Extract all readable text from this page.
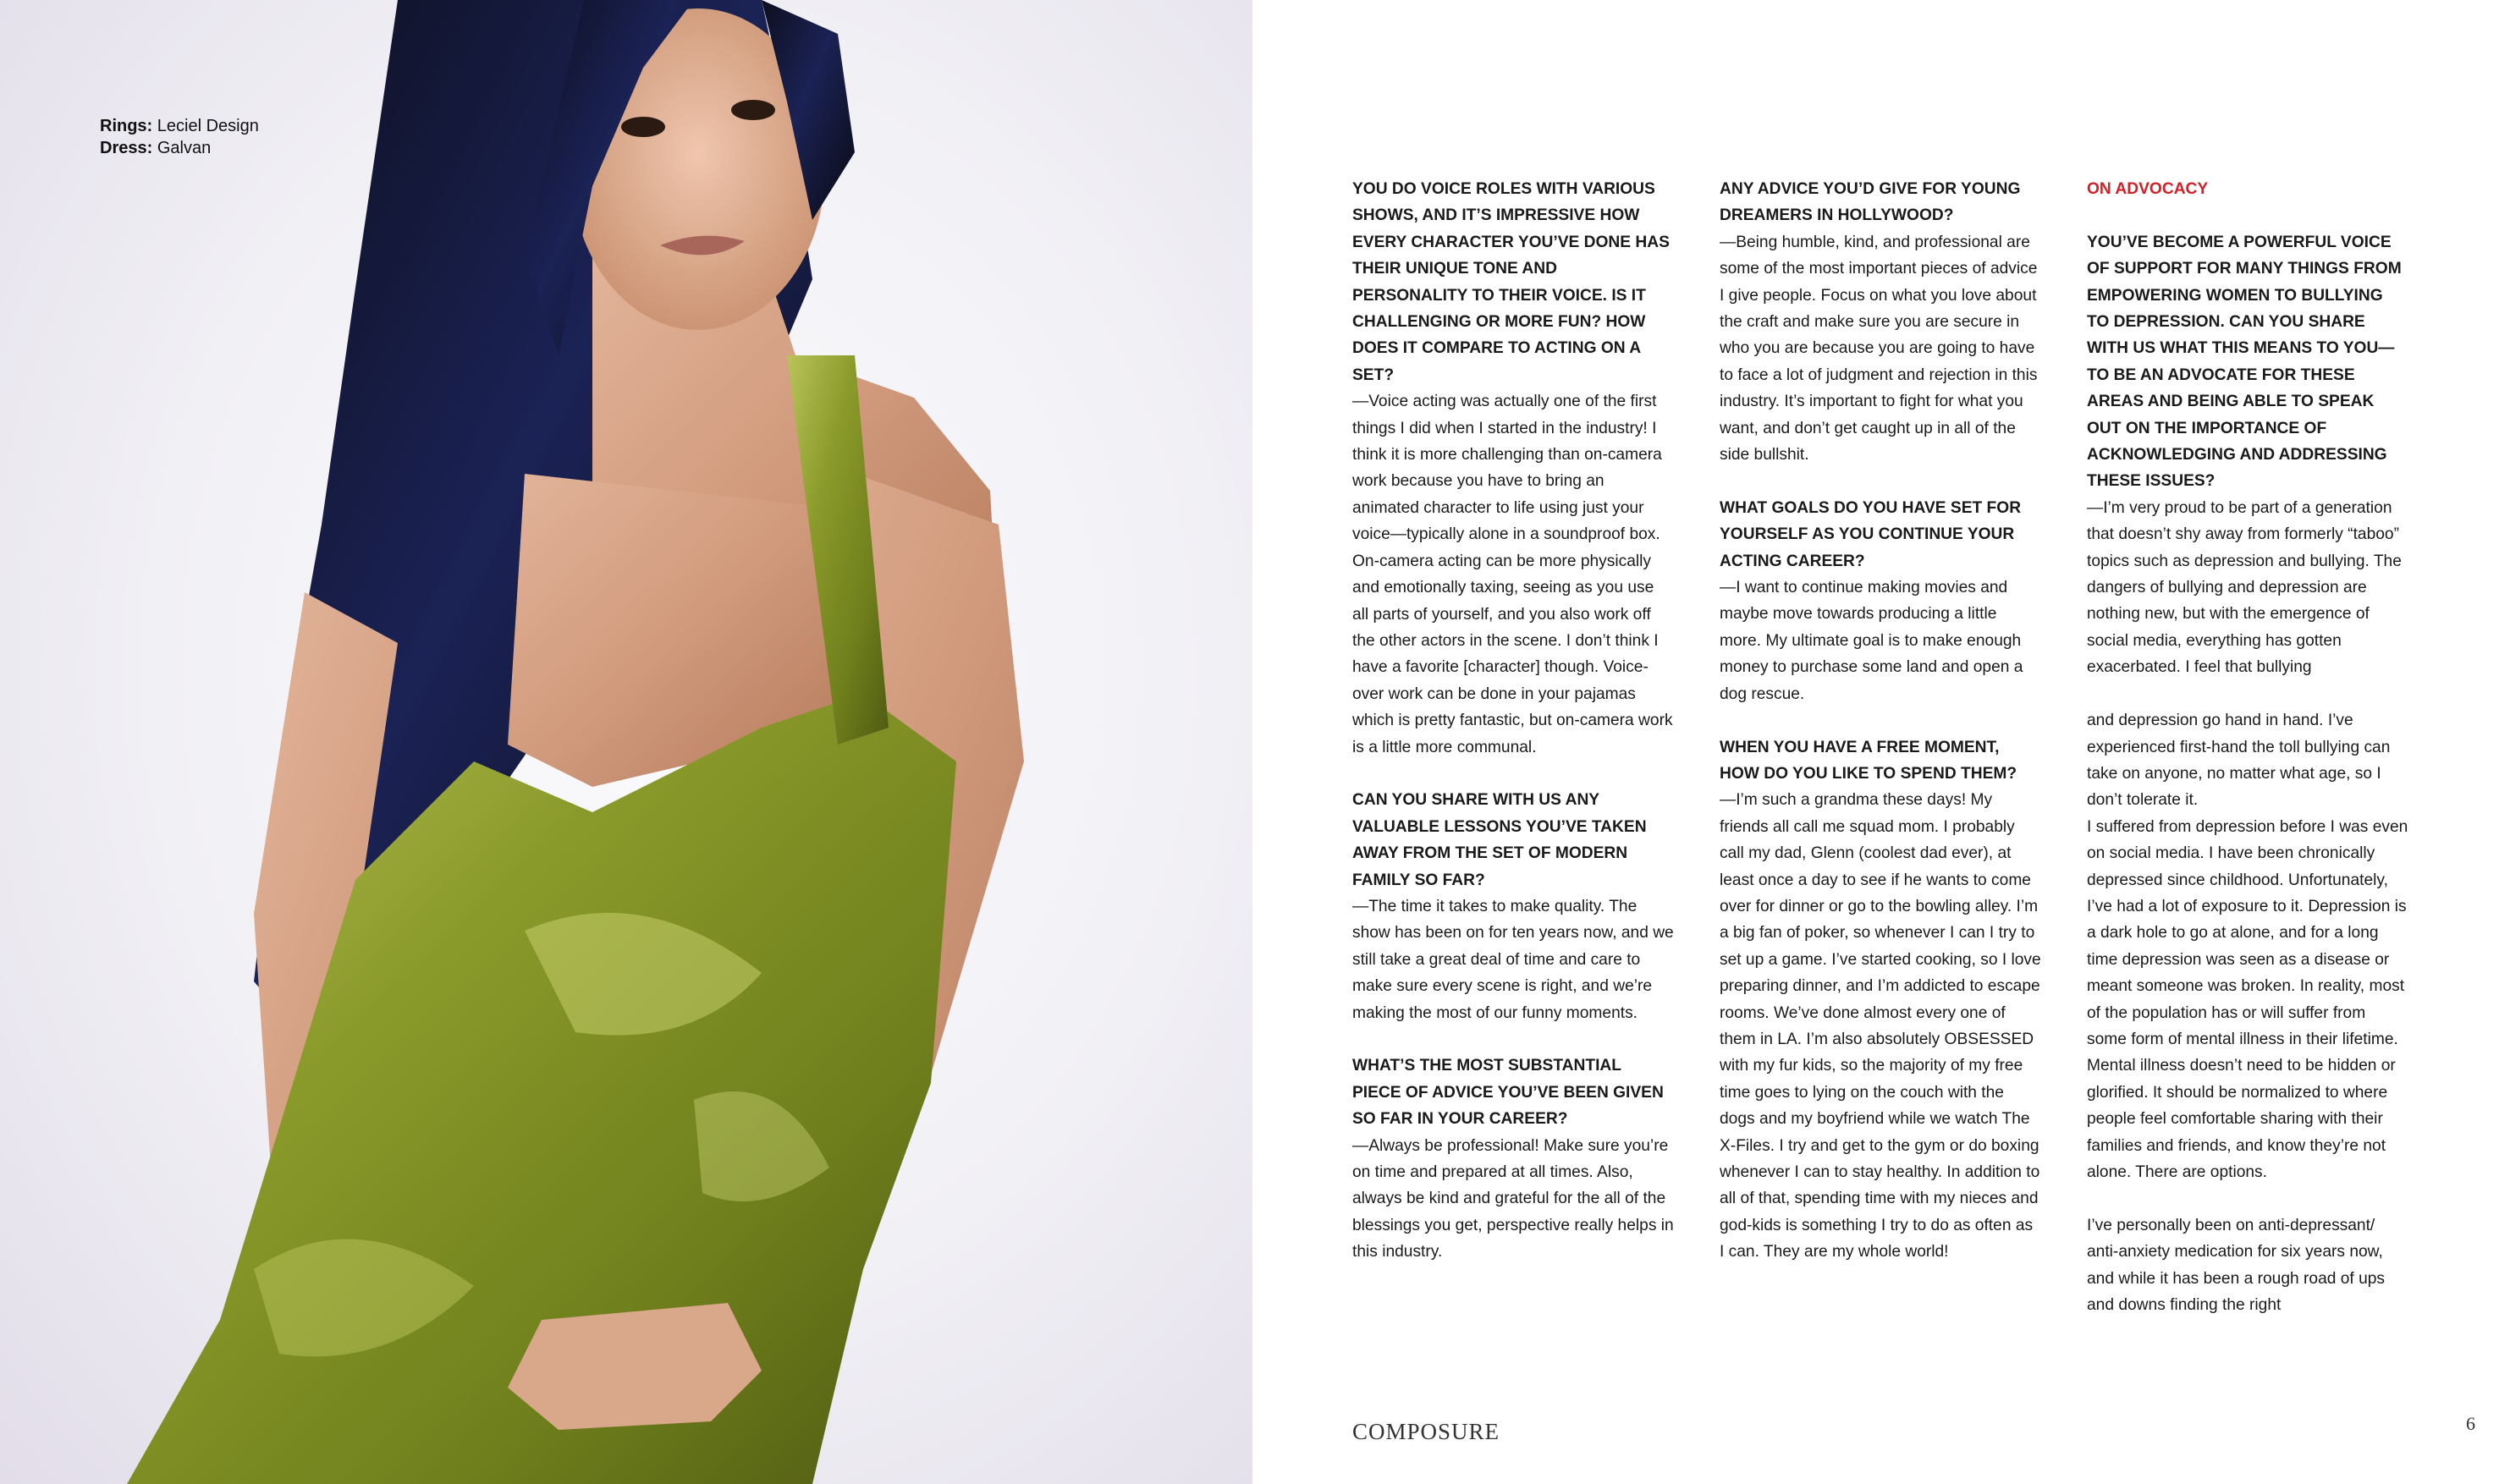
Rings: Leciel Design
Dress: Galvan
YOU DO VOICE ROLES WITH VARIOUS SHOWS, AND IT’S IMPRESSIVE HOW EVERY CHARACTER YOU’VE DONE HAS THEIR UNIQUE TONE AND PERSONALITY TO THEIR VOICE. IS IT CHALLENGING OR MORE FUN? HOW DOES IT COMPARE TO ACTING ON A SET?
—Voice acting was actually one of the first things I did when I started in the industry! I think it is more challenging than on-camera work because you have to bring an animated character to life using just your voice—typically alone in a soundproof box. On-camera acting can be more physically and emotionally taxing, seeing as you use all parts of yourself, and you also work off the other actors in the scene. I don’t think I have a favorite [character] though. Voice-over work can be done in your pajamas which is pretty fantastic, but on-camera work is a little more communal.
CAN YOU SHARE WITH US ANY VALUABLE LESSONS YOU’VE TAKEN AWAY FROM THE SET OF MODERN FAMILY SO FAR?
—The time it takes to make quality. The show has been on for ten years now, and we still take a great deal of time and care to make sure every scene is right, and we’re making the most of our funny moments.
WHAT’S THE MOST SUBSTANTIAL PIECE OF ADVICE YOU’VE BEEN GIVEN SO FAR IN YOUR CAREER?
—Always be professional! Make sure you’re on time and prepared at all times. Also, always be kind and grateful for the all of the blessings you get, perspective really helps in this industry.
ANY ADVICE YOU’D GIVE FOR YOUNG DREAMERS IN HOLLYWOOD?
—Being humble, kind, and professional are some of the most important pieces of advice I give people. Focus on what you love about the craft and make sure you are secure in who you are because you are going to have to face a lot of judgment and rejection in this industry. It’s important to fight for what you want, and don’t get caught up in all of the side bullshit.
WHAT GOALS DO YOU HAVE SET FOR YOURSELF AS YOU CONTINUE YOUR ACTING CAREER?
—I want to continue making movies and maybe move towards producing a little more. My ultimate goal is to make enough money to purchase some land and open a dog rescue.
WHEN YOU HAVE A FREE MOMENT, HOW DO YOU LIKE TO SPEND THEM?
—I’m such a grandma these days! My friends all call me squad mom. I probably call my dad, Glenn (coolest dad ever), at least once a day to see if he wants to come over for dinner or go to the bowling alley. I’m a big fan of poker, so whenever I can I try to set up a game. I’ve started cooking, so I love preparing dinner, and I’m addicted to escape rooms. We’ve done almost every one of them in LA. I’m also absolutely OBSESSED with my fur kids, so the majority of my free time goes to lying on the couch with the dogs and my boyfriend while we watch The X-Files. I try and get to the gym or do boxing whenever I can to stay healthy. In addition to all of that, spending time with my nieces and god-kids is something I try to do as often as I can. They are my whole world!
ON ADVOCACY
YOU’VE BECOME A POWERFUL VOICE OF SUPPORT FOR MANY THINGS FROM EMPOWERING WOMEN TO BULLYING TO DEPRESSION. CAN YOU SHARE WITH US WHAT THIS MEANS TO YOU—TO BE AN ADVOCATE FOR THESE AREAS AND BEING ABLE TO SPEAK OUT ON THE IMPORTANCE OF ACKNOWLEDGING AND ADDRESSING THESE ISSUES?
—I’m very proud to be part of a generation that doesn’t shy away from formerly “taboo” topics such as depression and bullying. The dangers of bullying and depression are nothing new, but with the emergence of social media, everything has gotten exacerbated. I feel that bullying
and depression go hand in hand. I’ve experienced first-hand the toll bullying can take on anyone, no matter what age, so I don’t tolerate it.
I suffered from depression before I was even on social media. I have been chronically depressed since childhood. Unfortunately, I’ve had a lot of exposure to it. Depression is a dark hole to go at alone, and for a long time depression was seen as a disease or meant someone was broken. In reality, most of the population has or will suffer from some form of mental illness in their lifetime. Mental illness doesn’t need to be hidden or glorified. It should be normalized to where people feel comfortable sharing with their families and friends, and know they’re not alone. There are options.
I’ve personally been on anti-depressant/ anti-anxiety medication for six years now, and while it has been a rough road of ups and downs finding the right
COMPOSURE	6
